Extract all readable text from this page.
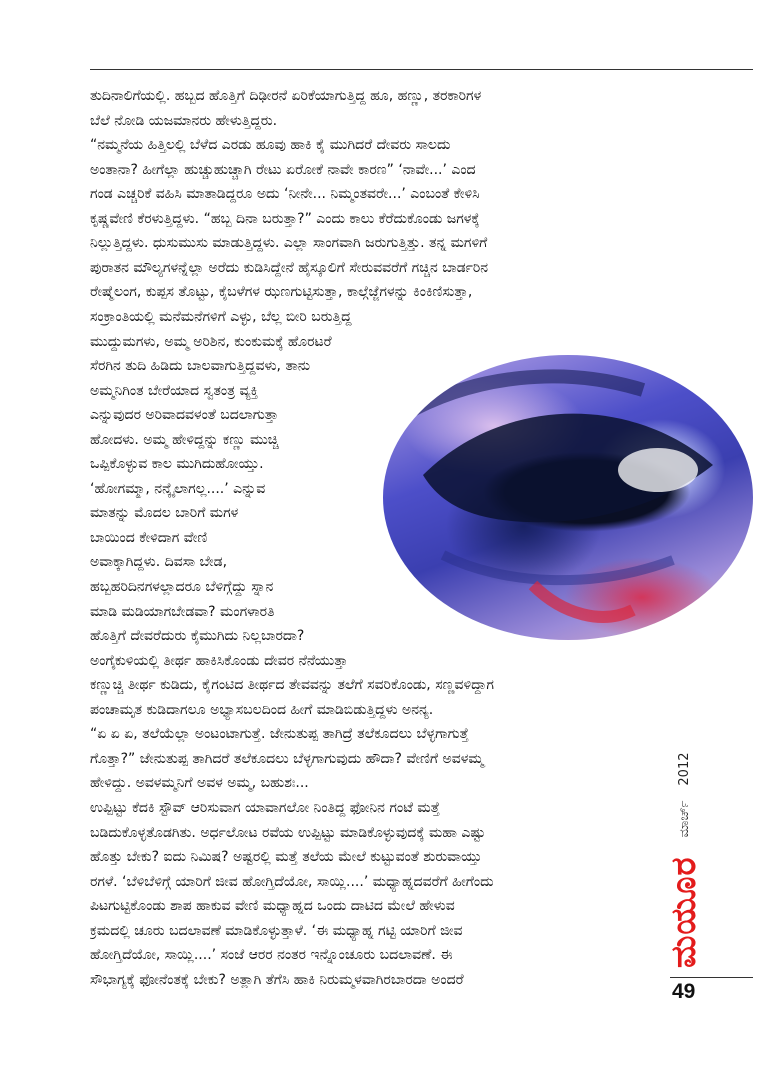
ತುದಿನಾಲಿಗೆಯಲ್ಲಿ. ಹಬ್ಬದ ಹೊತ್ತಿಗೆ ದಿಢೀರನೆ ಏರಿಕೆಯಾಗುತ್ತಿದ್ದ ಹೂ, ಹಣ್ಣು, ತರಕಾರಿಗಳ
ಬೆಲೆ ನೋಡಿ ಯಜಮಾನರು ಹೇಳುತ್ತಿದ್ದರು.
“ನಮ್ಮನೆಯ ಹಿತ್ತಿಲಲ್ಲಿ ಬೆಳೆದ ಎರಡು ಹೂವು ಹಾಕಿ ಕೈ ಮುಗಿದರೆ ದೇವರು ಸಾಲದು
ಅಂತಾನಾ? ಹೀಗೆಲ್ಲಾ ಹುಚ್ಚುಹುಚ್ಚಾಗಿ ರೇಟು ಏರೋಕೆ ನಾವೇ ಕಾರಣ” ‘ನಾವೇ...’ ಎಂದ
ಗಂಡ ಎಚ್ಚರಿಕೆ ವಹಿಸಿ ಮಾತಾಡಿದ್ದರೂ ಅದು ‘ನೀನೇ... ನಿಮ್ಮಂತವರೇ...’ ಎಂಬಂತೆ ಕೇಳಿಸಿ
ಕೃಷ್ಣವೇಣಿ ಕೆರಳುತ್ತಿದ್ದಳು. “ಹಬ್ಬ ದಿನಾ ಬರುತ್ತಾ?” ಎಂದು ಕಾಲು ಕೆರೆದುಕೊಂಡು ಜಗಳಕ್ಕೆ
ನಿಲ್ಲುತ್ತಿದ್ದಳು. ಧುಸುಮುಸು ಮಾಡುತ್ತಿದ್ದಳು. ಎಲ್ಲಾ ಸಾಂಗವಾಗಿ ಜರುಗುತ್ತಿತ್ತು. ತನ್ನ ಮಗಳಿಗೆ
ಪುರಾತನ ಮೌಲ್ಯಗಳನ್ನೆಲ್ಲಾ ಅರೆದು ಕುಡಿಸಿದ್ದೇನೆ ಹೈಸ್ಕೂಲಿಗೆ ಸೇರುವವರೆಗೆ ಗಚ್ಚಿನ ಬಾರ್ಡರಿನ
ರೇಷ್ಮೆಲಂಗ, ಕುಪ್ಪಸ ತೊಟ್ಟು, ಕೈಬಳೆಗಳ ಝಣಗುಟ್ಟಿಸುತ್ತಾ, ಕಾಲ್ಗೆಜ್ಜೆಗಳನ್ನು ಕಿಂಕಿಣಿಸುತ್ತಾ,
ಸಂಕ್ರಾಂತಿಯಲ್ಲಿ ಮನೆಮನೆಗಳಿಗೆ ಎಳ್ಳು, ಬೆಲ್ಲ ಬೀರಿ ಬರುತ್ತಿದ್ದ
ಮುದ್ದುಮಗಳು, ಅಮ್ಮ ಅರಿಶಿನ, ಕುಂಕುಮಕ್ಕೆ ಹೊರಟರೆ
ಸೆರಗಿನ ತುದಿ ಹಿಡಿದು ಬಾಲವಾಗುತ್ತಿದ್ದವಳು, ತಾನು
ಅಮ್ಮನಿಗಿಂತ ಬೇರೆಯಾದ ಸ್ವತಂತ್ರ ವ್ಯಕ್ತಿ
ಎನ್ನುವುದರ ಅರಿವಾದವಳಂತೆ ಬದಲಾಗುತ್ತಾ
ಹೋದಳು. ಅಮ್ಮ ಹೇಳಿದ್ದನ್ನು ಕಣ್ಣು ಮುಚ್ಚಿ
ಒಪ್ಪಿಕೊಳ್ಳುವ ಕಾಲ ಮುಗಿದುಹೋಯ್ತು.
‘ಹೋಗಮ್ಮಾ, ನನ್ಕೈಲಾಗಲ್ಲ....’ ಎನ್ನುವ
ಮಾತನ್ನು ಮೊದಲ ಬಾರಿಗೆ ಮಗಳ
ಬಾಯಿಂದ ಕೇಳಿದಾಗ ವೇಣಿ
ಅವಾಕ್ಕಾಗಿದ್ದಳು. ದಿವಸಾ ಬೇಡ,
ಹಬ್ಬಹರಿದಿನಗಳಲ್ಲಾದರೂ ಬೆಳಿಗ್ಗೆದ್ದು ಸ್ನಾನ
ಮಾಡಿ ಮಡಿಯಾಗಬೇಡವಾ? ಮಂಗಳಾರತಿ
ಹೊತ್ತಿಗೆ ದೇವರೆದುರು ಕೈಮುಗಿದು ನಿಲ್ಲಬಾರದಾ?
ಅಂಗೈಕುಳಿಯಲ್ಲಿ ತೀರ್ಥ ಹಾಕಿಸಿಕೊಂಡು ದೇವರ ನೆನೆಯುತ್ತಾ
ಕಣ್ಣುಚ್ಚಿ ತೀರ್ಥ ಕುಡಿದು, ಕೈಗಂಟಿದ ತೀರ್ಥದ ತೇವವನ್ನು ತಲೆಗೆ ಸವರಿಕೊಂಡು, ಸಣ್ಣವಳಿದ್ದಾಗ
ಪಂಚಾಮೃತ ಕುಡಿದಾಗಲೂ ಅಭ್ಯಾಸಬಲದಿಂದ ಹೀಗೆ ಮಾಡಿಬಿಡುತ್ತಿದ್ದಳು ಅನನ್ಯ.
“ಏ ಏ ಏ, ತಲೆಯೆಲ್ಲಾ ಅಂಟಂಟಾಗುತ್ತೆ. ಜೇನುತುಪ್ಪ ತಾಗಿದ್ರೆ ತಲೆಕೂದಲು ಬೆಳ್ಳಗಾಗುತ್ತೆ
ಗೊತ್ತಾ?” ಜೇನುತುಪ್ಪ ತಾಗಿದರೆ ತಲೆಕೂದಲು ಬೆಳ್ಳಗಾಗುವುದು ಹೌದಾ? ವೇಣಿಗೆ ಅವಳಮ್ಮ
ಹೇಳಿದ್ದು. ಅವಳಮ್ಮನಿಗೆ ಅವಳ ಅಮ್ಮ, ಬಹುಶಃ...
ಉಪ್ಪಿಟ್ಟು ಕೆದಕಿ ಸ್ಟೌವ್ ಆರಿಸುವಾಗ ಯಾವಾಗಲೋ ನಿಂತಿದ್ದ ಫೋನಿನ ಗಂಟೆ ಮತ್ತೆ
ಬಡಿದುಕೊಳ್ಳತೊಡಗಿತು. ಅರ್ಧಲೋಟ ರವೆಯ ಉಪ್ಪಿಟ್ಟು ಮಾಡಿಕೊಳ್ಳುವುದಕ್ಕೆ ಮಹಾ ಎಷ್ಟು
ಹೊತ್ತು ಬೇಕು? ಐದು ನಿಮಿಷ? ಅಷ್ಟರಲ್ಲಿ ಮತ್ತೆ ತಲೆಯ ಮೇಲೆ ಕುಟ್ಟುವಂತೆ ಶುರುವಾಯ್ತು
ರಗಳೆ. ‘ಬೆಳಿಬೆಳಿಗ್ಗೆ ಯಾರಿಗೆ ಜೀವ ಹೋಗ್ತಿದೆಯೋ, ಸಾಯ್ಲಿ....’ ಮಧ್ಯಾಹ್ನದವರೆಗೆ ಹೀಗೆಂದು
ಪಿಟಗುಟ್ಟಿಕೊಂಡು ಶಾಪ ಹಾಕುವ ವೇಣಿ ಮಧ್ಯಾಹ್ನದ ಒಂದು ದಾಟಿದ ಮೇಲೆ ಹೇಳುವ
ಕ್ರಮದಲ್ಲಿ ಚೂರು ಬದಲಾವಣೆ ಮಾಡಿಕೊಳ್ಳುತ್ತಾಳೆ. ‘ಈ ಮಧ್ಯಾಹ್ನ ಗಟ್ಟಿ ಯಾರಿಗೆ ಜೀವ
ಹೋಗ್ತಿದೆಯೋ, ಸಾಯ್ಲಿ....’ ಸಂಜೆ ಆರರ ನಂತರ ಇನ್ನೊಂಚೂರು ಬದಲಾವಣೆ. ಈ
ಸೌಭಾಗ್ಯಕ್ಕೆ ಫೋನೆಂತಕ್ಕೆ ಬೇಕು? ಅತ್ಲಾಗಿ ತೆಗೆಸಿ ಹಾಕಿ ನಿರುಮ್ಮಳವಾಗಿರಬಾರದಾ ಅಂದರೆ
ಮಯೂರ ಮಾರ್ಚ್ 2012
49
